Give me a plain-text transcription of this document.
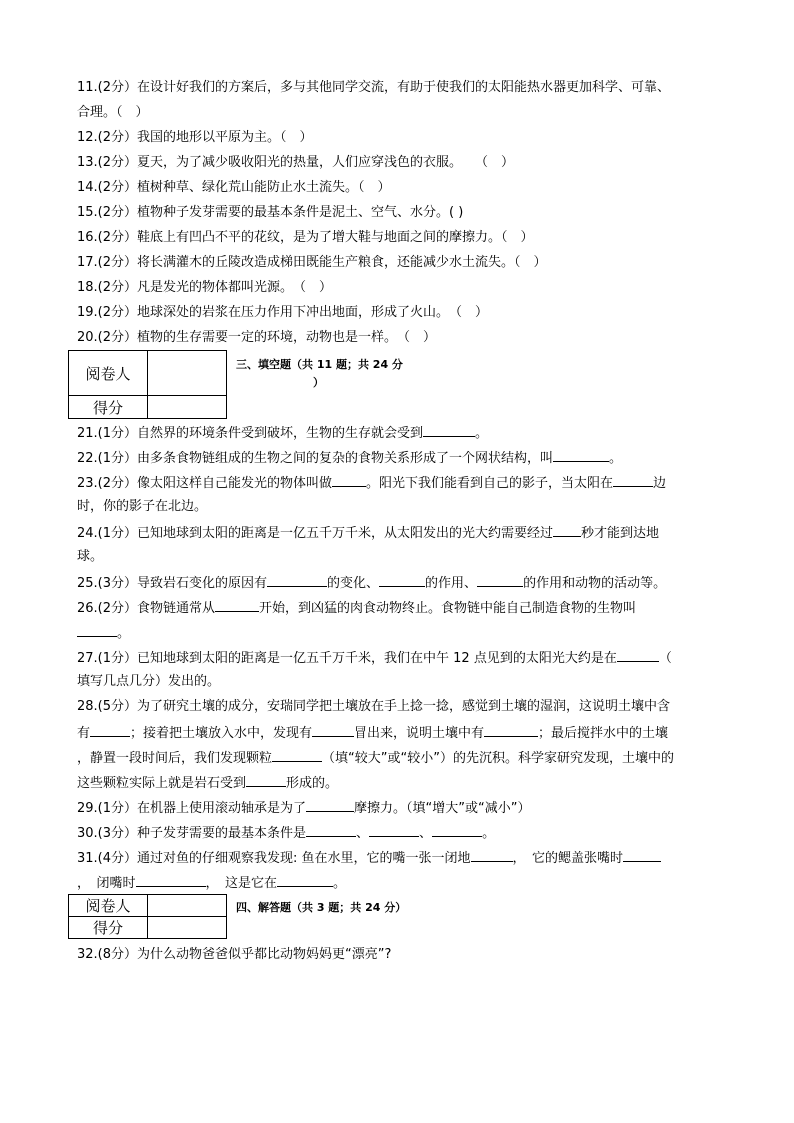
11.(2分）在设计好我们的方案后，多与其他同学交流，有助于使我们的太阳能热水器更加科学、可靠、
合理。（　）
12.(2分）我国的地形以平原为主。（　）
13.(2分）夏天，为了减少吸收阳光的热量，人们应穿浅色的衣服。　　（　）
14.(2分）植树种草、绿化荒山能防止水土流失。（　）
15.(2分）植物种子发芽需要的最基本条件是泥土、空气、水分。( )
16.(2分）鞋底上有凹凸不平的花纹，是为了增大鞋与地面之间的摩擦力。（　）
17.(2分）将长满灌木的丘陵改造成梯田既能生产粮食，还能减少水土流失。（　）
18.(2分）凡是发光的物体都叫光源。　（　）
19.(2分）地球深处的岩浆在压力作用下冲出地面，形成了火山。　（　）
20.(2分）植物的生存需要一定的环境，动物也是一样。　（　）
阅卷人	
得分	
三、填空题（共 11 题；共 24 分
）
21.(1分）自然界的环境条件受到破坏，生物的生存就会受到	。
22.(1分）由多条食物链组成的生物之间的复杂的食物关系形成了一个网状结构，叫	。
23.(2分）像太阳这样自己能发光的物体叫做	。阳光下我们能看到自己的影子，当太阳在	边
时，你的影子在北边。
24.(1分）已知地球到太阳的距离是一亿五千万千米，从太阳发出的光大约需要经过 秒才能到达地
球。
25.(3分）导致岩石变化的原因有	的变化、	的作用、	的作用和动物的活动等。
26.(2分）食物链通常从	开始，到凶猛的肉食动物终止。食物链中能自己制造食物的生物叫
。
27.(1分）已知地球到太阳的距离是一亿五千万千米，我们在中午 12 点见到的太阳光大约是在	（
填写几点几分）发出的。
28.(5分）为了研究土壤的成分，安瑞同学把土壤放在手上捻一捻，感觉到土壤的湿润，这说明土壤中含
有	；接着把土壤放入水中，发现有	冒出来，说明土壤中有	；最后搅拌水中的土壤
，静置一段时间后，我们发现颗粒	（填“较大”或“较小”）的先沉积。科学家研究发现，土壤中的
这些颗粒实际上就是岩石受到	形成的。
29.(1分）在机器上使用滚动轴承是为了	摩擦力。（填“增大”或“减小”）
30.(3分）种子发芽需要的最基本条件是	、	、	。
31.(4分）通过对鱼的仔细观察我发现: 鱼在水里，它的嘴一张一闭地	，　它的鳃盖张嘴时
，　闭嘴时	，　这是它在	。
阅卷人	
得分	
四、解答题（共 3 题；共 24 分）
32.(8分）为什么动物爸爸似乎都比动物妈妈更“漂亮”?
